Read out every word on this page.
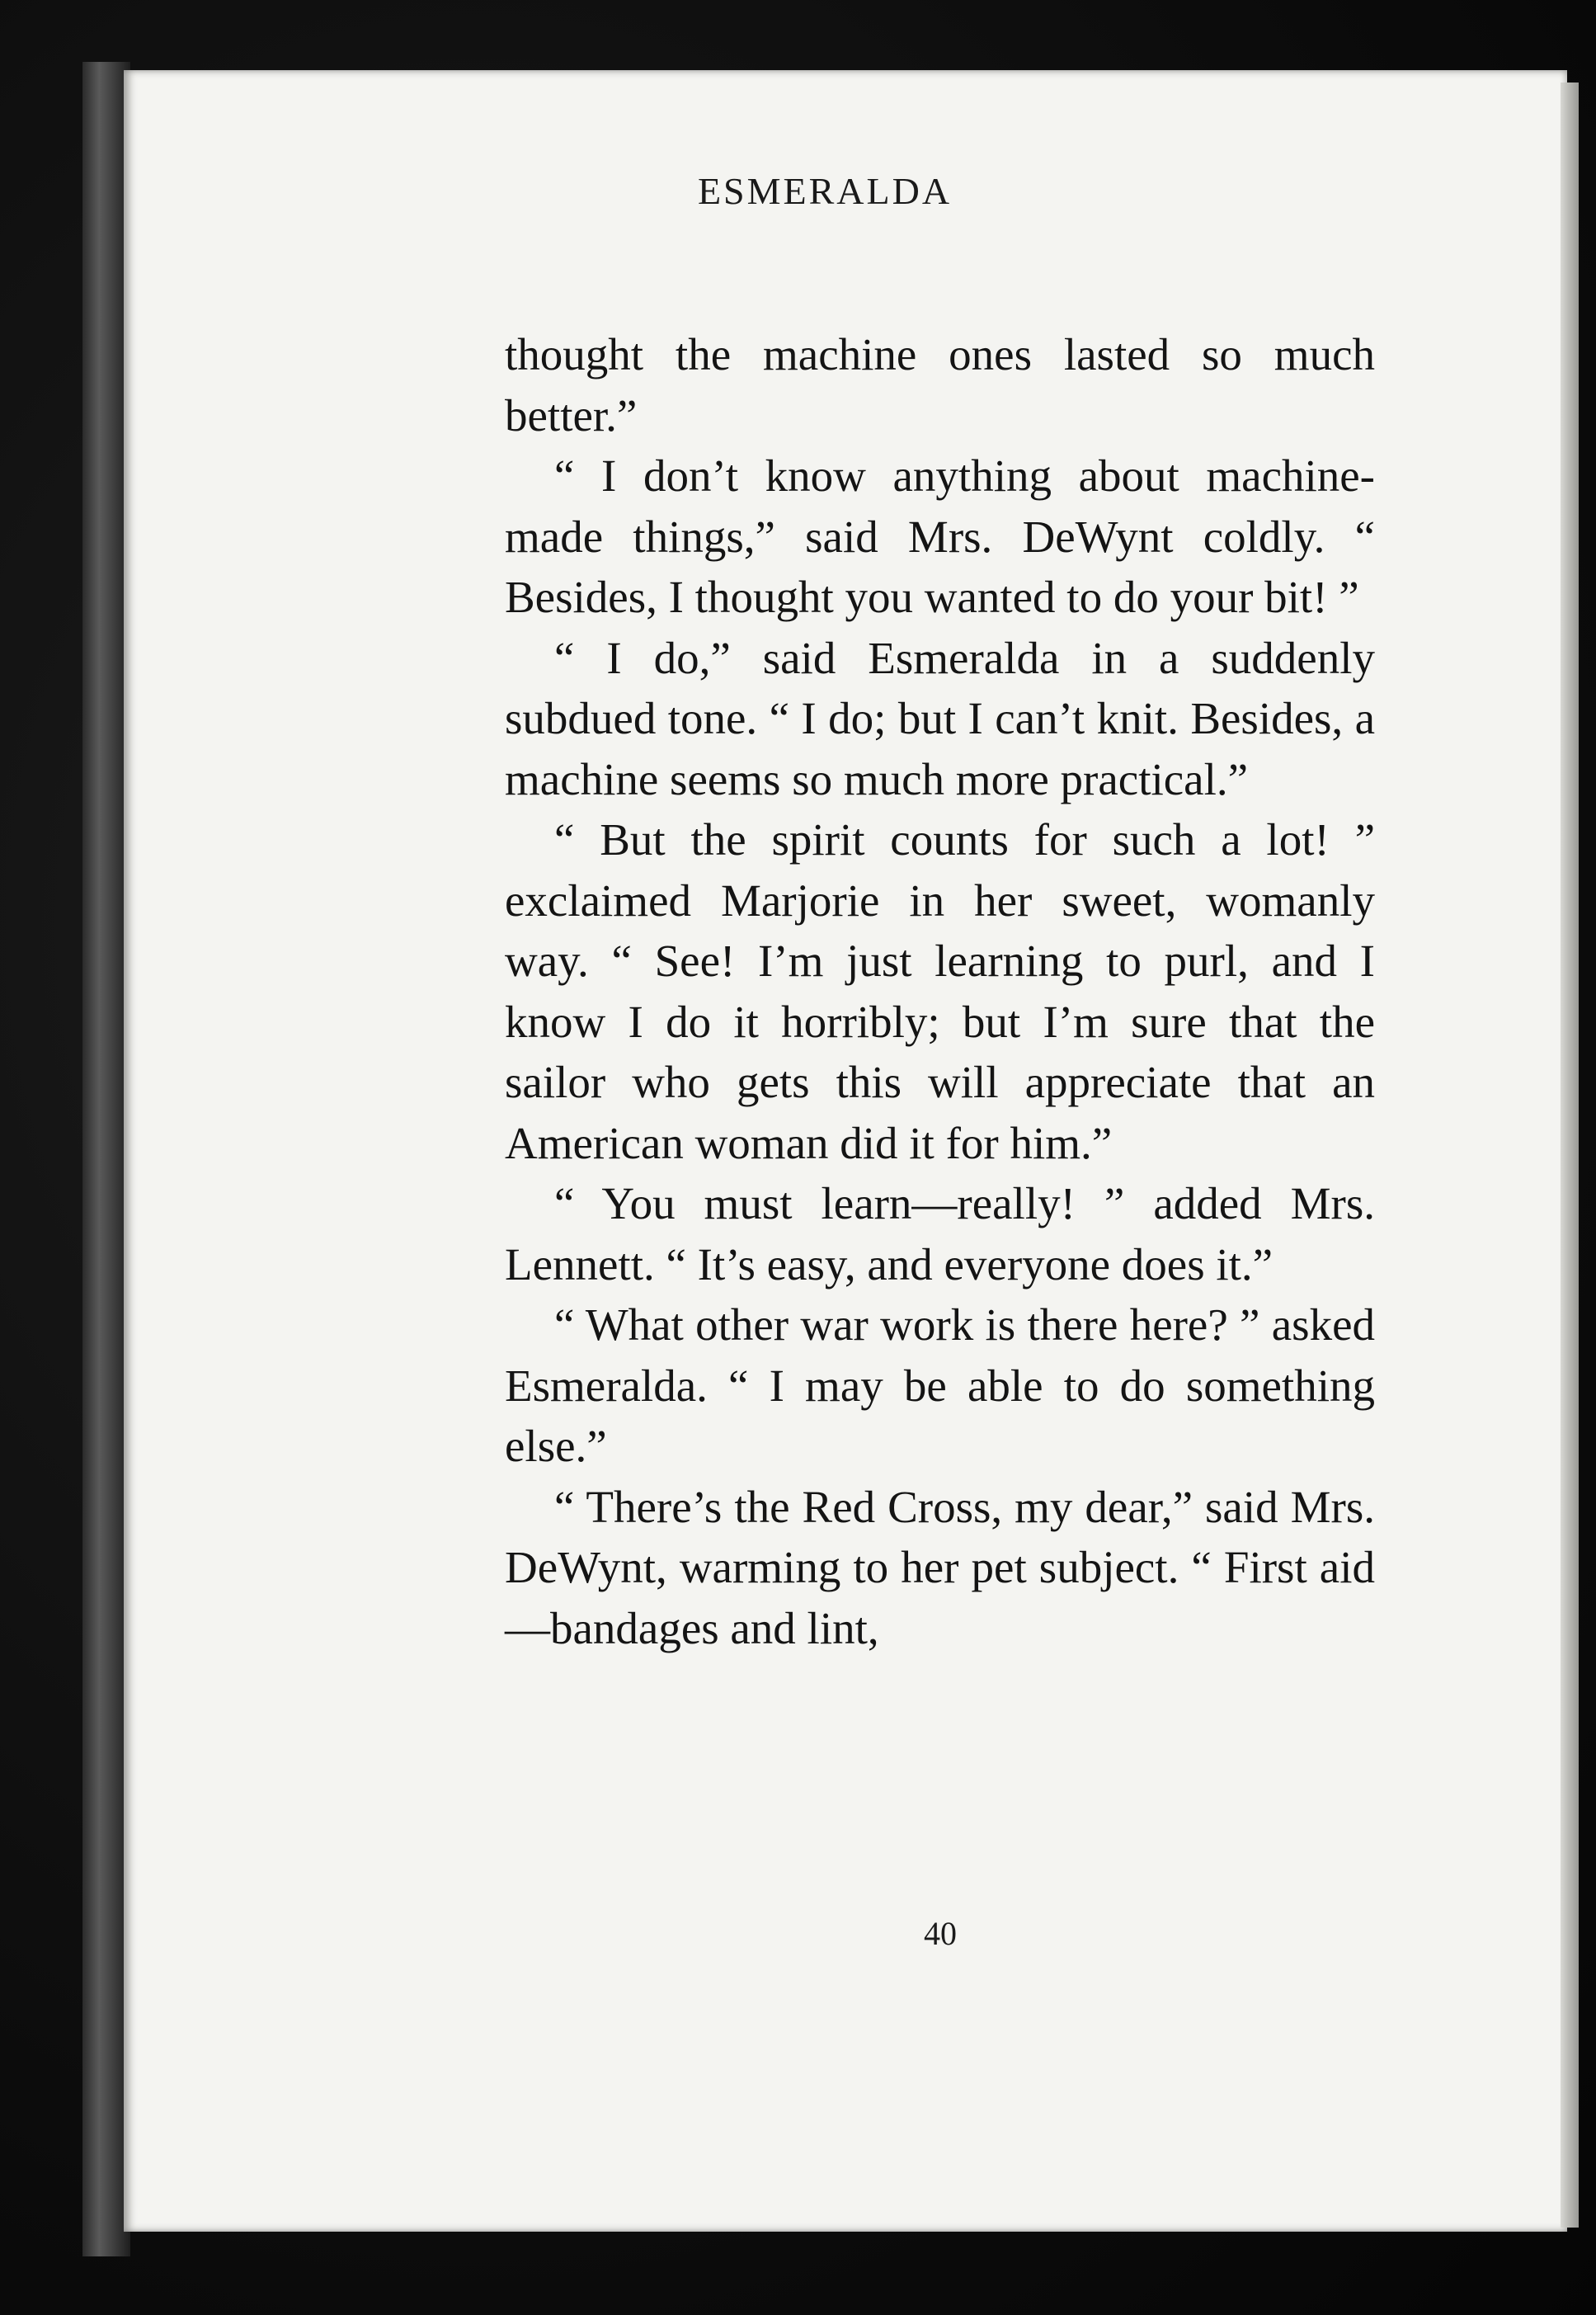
ESMERALDA

thought the machine ones lasted so much better.”

“ I don’t know anything about machine-made things,” said Mrs. DeWynt coldly. “ Besides, I thought you wanted to do your bit! ”

“ I do,” said Esmeralda in a suddenly subdued tone. “ I do; but I can’t knit. Besides, a machine seems so much more practical.”

“ But the spirit counts for such a lot! ” exclaimed Marjorie in her sweet, womanly way. “ See! I’m just learning to purl, and I know I do it horribly; but I’m sure that the sailor who gets this will appreciate that an American woman did it for him.”

“ You must learn—really! ” added Mrs. Lennett. “ It’s easy, and everyone does it.”

“ What other war work is there here? ” asked Esmeralda. “ I may be able to do something else.”

“ There’s the Red Cross, my dear,” said Mrs. DeWynt, warming to her pet subject. “ First aid—bandages and lint,

40
